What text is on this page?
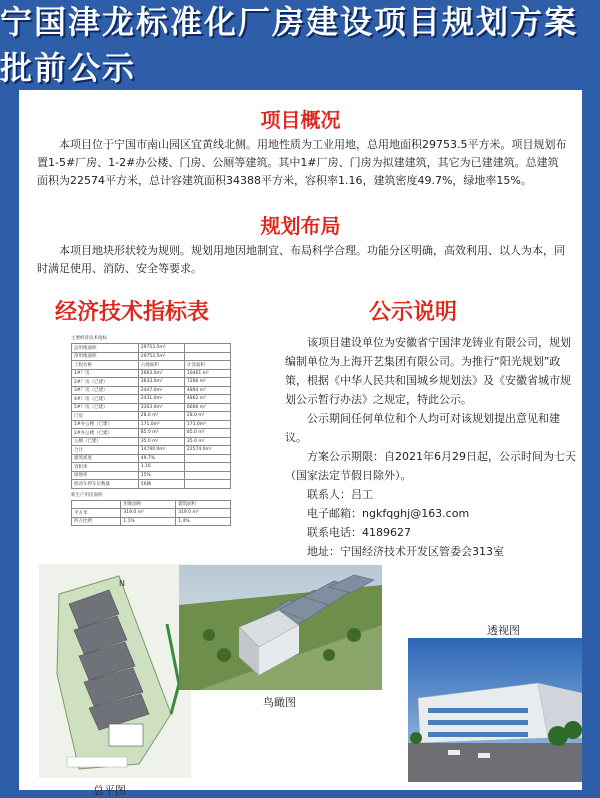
宁国津龙标准化厂房建设项目规划方案批前公示
项目概况

本项目位于宁国市南山园区宜黄线北侧。用地性质为工业用地，总用地面积29753.5平方米。项目规划布置1-5#厂房、1-2#办公楼、门房、公厕等建筑。其中1#厂房、门房为拟建建筑，其它为已建建筑。总建筑面积为22574平方米，总计容建筑面积34388平方米，容积率1.16，建筑密度49.7%，绿地率15%。

规划布局

本项目地块形状较为规则。规划用地因地制宜、布局科学合理。功能分区明确，高效利用、以人为本，同时满足使用、消防、安全等要求。

经济技术指标表
主要经济技术指标
总用地面积	29753.5m²	
净用地面积	29753.5m²	
工程名称	占地面积	计容面积
1#厂房	2663.0m²	10461 m²
2#厂房（已建）	3633.0m²	7266 m²
3#厂房（已建）	2447.0m²	4894 m²
4#厂房（已建）	2431.0m²	4862 m²
5#厂房（已建）	3303.0m²	6606 m²
门房	28.0 m²	28.0 m²
1#办公楼（已建）	171.0m²	171.0m²
2#办公楼（已建）	85.0 m²	85.0 m²
公厕（已建）	35.0 m²	35.0 m²
合计	14790.0m²	22574.0m²
建筑密度	49.7%	
容积率	1.16	
绿地率	15%	
机动车停车位数量	56辆	
新生产用房面积
	用地面积	建筑面积
平方米	319.0 m²	319.0 m²
所占比例	1.1%	1.4%
公示说明

该项目建设单位为安徽省宁国津龙铸业有限公司，规划编制单位为上海开艺集团有限公司。为推行“阳光规划”政策，根据《中华人民共和国城乡规划法》及《安徽省城市规划公示暂行办法》之规定，特此公示。

公示期间任何单位和个人均可对该规划提出意见和建议。

方案公示期限：自2021年6月29日起，公示时间为七天（国家法定节假日除外）。

联系人：吕工

电子邮箱：ngkfqghj@163.com

联系电话：4189627

地址：宁国经济技术开发区管委会313室

N
总平图
鸟瞰图
透视图
